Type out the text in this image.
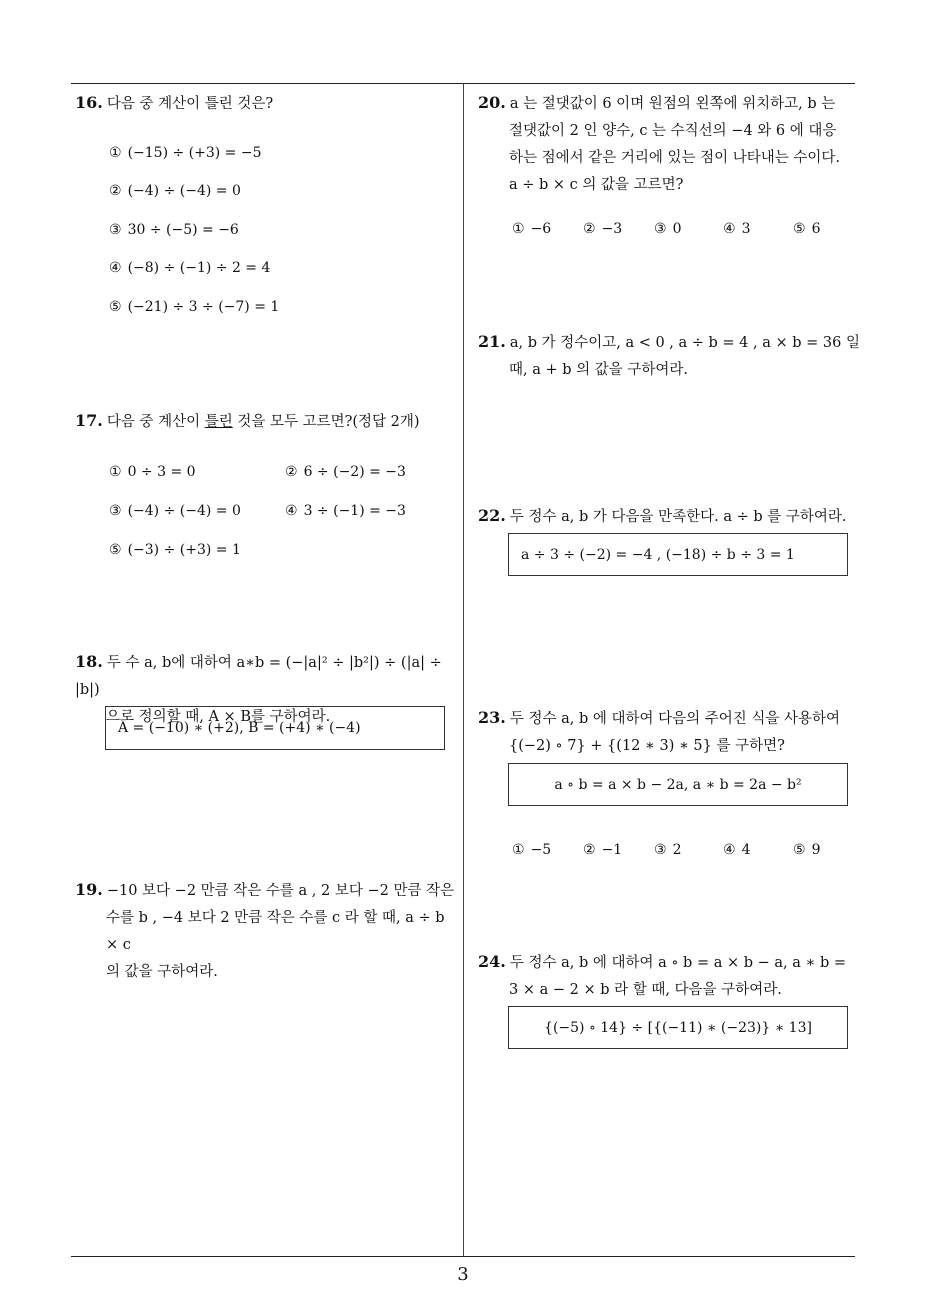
16. 다음 중 계산이 틀린 것은?
① (−15) ÷ (+3) = −5
② (−4) ÷ (−4) = 0
③ 30 ÷ (−5) = −6
④ (−8) ÷ (−1) ÷ 2 = 4
⑤ (−21) ÷ 3 ÷ (−7) = 1
17. 다음 중 계산이 틀린 것을 모두 고르면?(정답 2개)
① 0 ÷ 3 = 0	② 6 ÷ (−2) = −3
③ (−4) ÷ (−4) = 0	④ 3 ÷ (−1) = −3
⑤ (−3) ÷ (+3) = 1
18. 두 수 a, b에 대하여 a∗b = (−|a|² ÷ |b²|) ÷ (|a| ÷ |b|)
으로 정의할 때, A × B를 구하여라.
A = (−10) ∗ (+2), B = (+4) ∗ (−4)
19. −10 보다 −2 만큼 작은 수를 a , 2 보다 −2 만큼 작은
수를 b , −4 보다 2 만큼 작은 수를 c 라 할 때, a ÷ b × c
의 값을 구하여라.
20. a 는 절댓값이 6 이며 원점의 왼쪽에 위치하고, b 는
절댓값이 2 인 양수, c 는 수직선의 −4 와 6 에 대응
하는 점에서 같은 거리에 있는 점이 나타내는 수이다.
a ÷ b × c 의 값을 고르면?
① −6 ② −3 ③ 0	④ 3	⑤ 6
21. a, b 가 정수이고, a < 0 , a ÷ b = 4 , a × b = 36 일
때, a + b 의 값을 구하여라.
22. 두 정수 a, b 가 다음을 만족한다. a ÷ b 를 구하여라.
a ÷ 3 ÷ (−2) = −4 , (−18) ÷ b ÷ 3 = 1
23. 두 정수 a, b 에 대하여 다음의 주어진 식을 사용하여
{(−2) ∘ 7} + {(12 ∗ 3) ∗ 5} 를 구하면?
a ∘ b = a × b − 2a, a ∗ b = 2a − b²
① −5 ② −1 ③ 2	④ 4	⑤ 9
24. 두 정수 a, b 에 대하여 a ∘ b = a × b − a, a ∗ b =
3 × a − 2 × b 라 할 때, 다음을 구하여라.
{(−5) ∘ 14} ÷ [{(−11) ∗ (−23)} ∗ 13]
3
